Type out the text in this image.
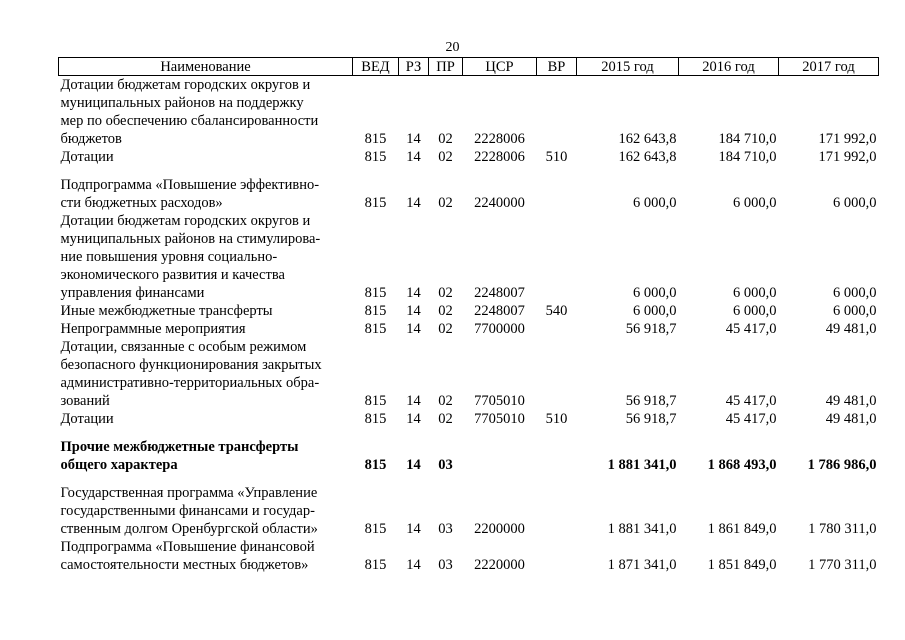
20
Наименование	ВЕД	РЗ	ПР	ЦСР	ВР	2015 год	2016 год	2017 год

Дотации бюджетам городских округов и
муниципальных районов на поддержку
мер по обеспечению сбалансированности
бюджетов	815	14	02	2228006		162 643,8	184 710,0	171 992,0

Дотации	815	14	02	2228006	510	162 643,8	184 710,0	171 992,0

Подпрограмма «Повышение эффективно-
сти бюджетных расходов»	815	14	02	2240000		6 000,0	6 000,0	6 000,0

Дотации бюджетам городских округов и
муниципальных районов на стимулирова-
ние повышения уровня социально-
экономического развития и качества
управления финансами	815	14	02	2248007		6 000,0	6 000,0	6 000,0

Иные межбюджетные трансферты	815	14	02	2248007	540	6 000,0	6 000,0	6 000,0

Непрограммные мероприятия	815	14	02	7700000		56 918,7	45 417,0	49 481,0

Дотации, связанные с особым режимом
безопасного функционирования закрытых
административно-территориальных обра-
зований	815	14	02	7705010		56 918,7	45 417,0	49 481,0

Дотации	815	14	02	7705010	510	56 918,7	45 417,0	49 481,0

Прочие межбюджетные трансферты
общего характера	815	14	03			1 881 341,0	1 868 493,0	1 786 986,0

Государственная программа «Управление
государственными финансами и государ-
ственным долгом Оренбургской области»	815	14	03	2200000		1 881 341,0	1 861 849,0	1 780 311,0

Подпрограмма «Повышение финансовой
самостоятельности местных бюджетов»	815	14	03	2220000		1 871 341,0	1 851 849,0	1 770 311,0
